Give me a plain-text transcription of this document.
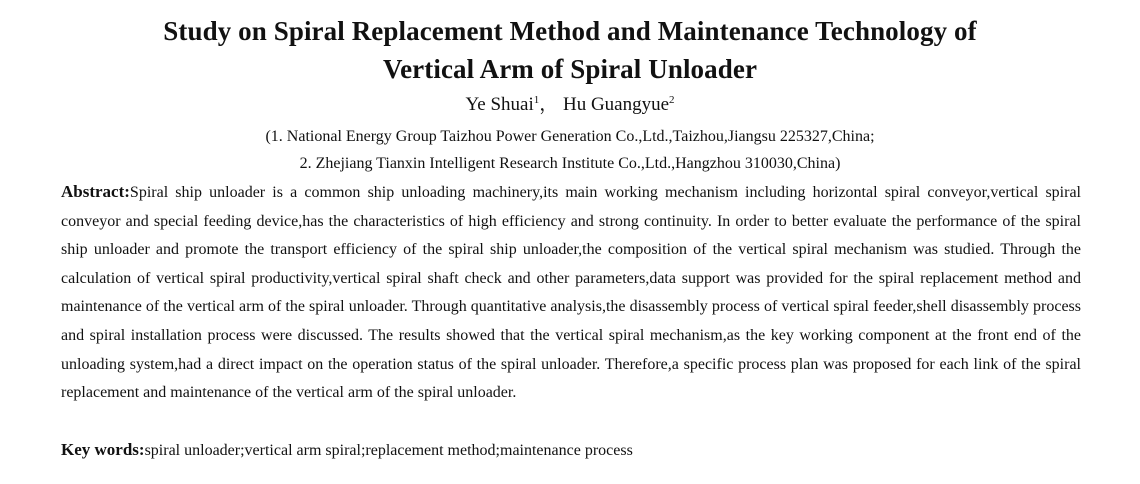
Study on Spiral Replacement Method and Maintenance Technology of
Vertical Arm of Spiral Unloader
Ye Shuai$^1$， Hu Guangyue$^2$
(1. National Energy Group Taizhou Power Generation Co.,Ltd.,Taizhou,Jiangsu 225327,China;
2. Zhejiang Tianxin Intelligent Research Institute Co.,Ltd.,Hangzhou 310030,China)

Abstract:Spiral ship unloader is a common ship unloading machinery,its main working mechanism including horizontal spiral conveyor,vertical spiral conveyor and special feeding device,has the characteristics of high efficiency and strong continuity. In order to better evaluate the performance of the spiral ship unloader and promote the transport efficiency of the spiral ship unloader,the composition of the vertical spiral mechanism was studied. Through the calculation of vertical spiral productivity,vertical spiral shaft check and other parameters,data support was provided for the spiral replacement method and maintenance of the vertical arm of the spiral unloader. Through quantitative analysis,the disassembly process of vertical spiral feeder,shell disassembly process and spiral installation process were discussed. The results showed that the vertical spiral mechanism,as the key working component at the front end of the unloading system,had a direct impact on the operation status of the spiral unloader. Therefore,a specific process plan was proposed for each link of the spiral replacement and maintenance of the vertical arm of the spiral unloader.

Key words:spiral unloader;vertical arm spiral;replacement method;maintenance process
